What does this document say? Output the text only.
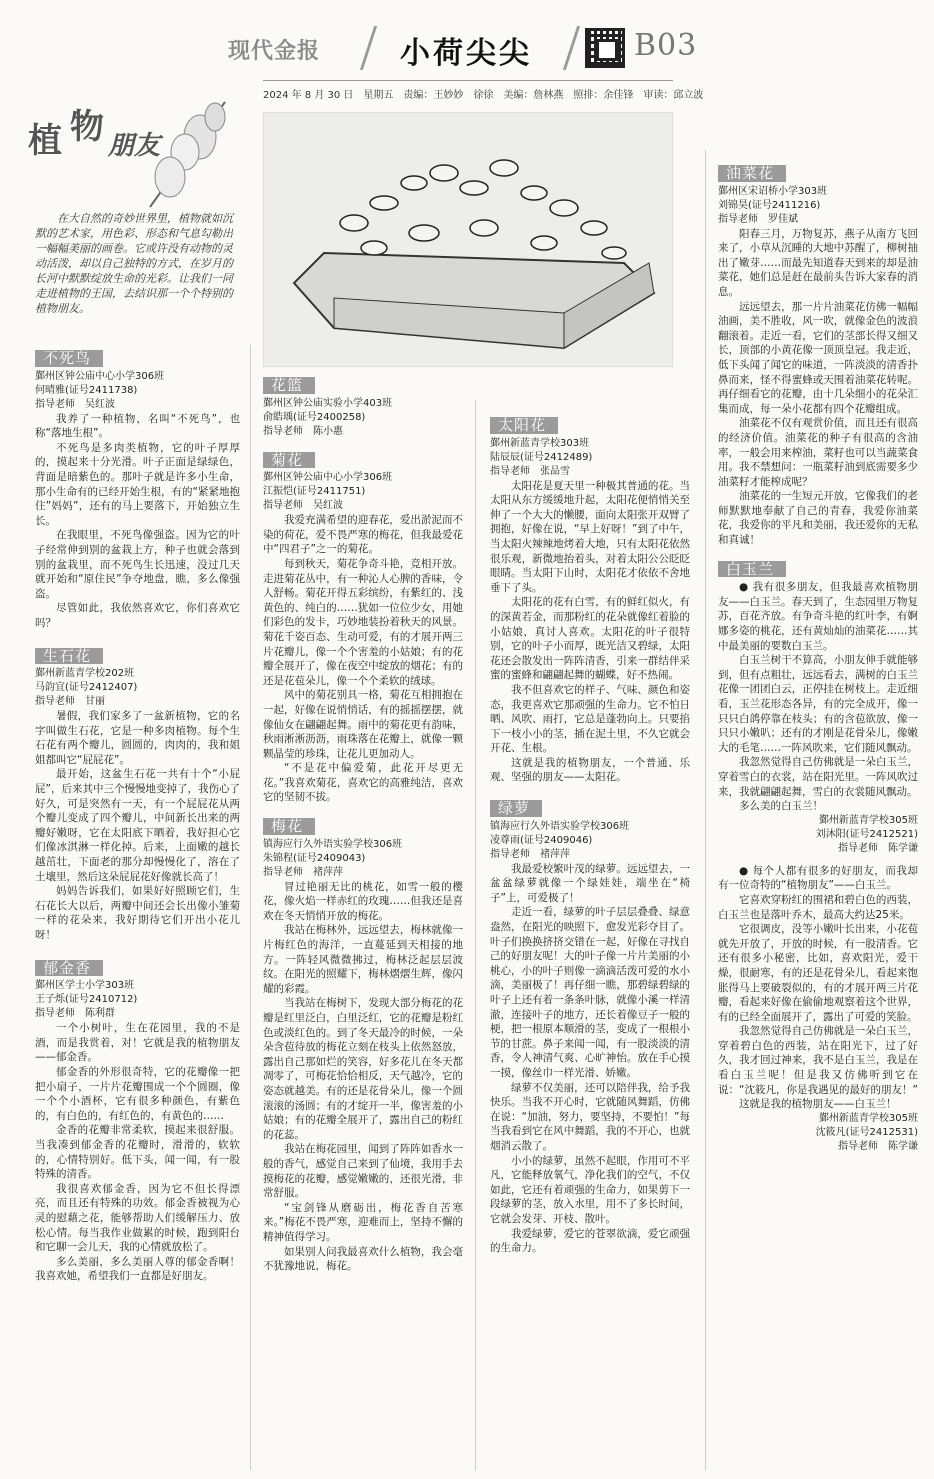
现代金报	小荷尖尖	B03
2024 年 8 月 30 日　星期五　责编：王妙妙　徐徐　美编：詹林燕　照排：余佳锋　审读：邱立波
植 物 朋友
在大自然的奇妙世界里，植物就如沉默的艺术家，用色彩、形态和气息勾勒出一幅幅美丽的画卷。它或许没有动物的灵动活泼，却以自己独特的方式，在岁月的长河中默默绽放生命的光彩。让我们一同走进植物的王国，去结识那一个个特别的植物朋友。
不死鸟
鄞州区钟公庙中心小学306班
何晴雅(证号2411738)
指导老师　吴红波
我养了一种植物，名叫“不死鸟”，也称“落地生根”。
不死鸟是多肉类植物，它的叶子厚厚的，摸起来十分光滑。叶子正面是绿绿色，背面是暗紫色的。那叶子就是许多小生命，那小生命有的已经开始生根，有的“紧紧地抱住”妈妈”，还有的马上要落下，开始独立生长。
在我眼里，不死鸟像强盗。因为它的叶子经常伸到别的盆栽上方，种子也就会落到别的盆栽里，而不死鸟生长迅速，没过几天就开始和“原住民”争夺地盘，瞧，多么像强盗。
尽管如此，我依然喜欢它，你们喜欢它吗？
生石花
鄞州新蓝青学校202班
马韵宜(证号2412407)
指导老师　甘丽
暑假，我们家多了一盆新植物，它的名字叫做生石花，它是一种多肉植物。每个生石花有两个瓣儿，圆圆的，肉肉的，我和姐姐都叫它“屁屁花”。
最开始，这盆生石花一共有十个“小屁屁”，后来其中三个慢慢地变掉了，我伤心了好久，可是突然有一天，有一个屁屁花从两个瓣儿变成了四个瓣儿，中间新长出来的两瓣好嫩呀，它在太阳底下晒着，我好担心它们像冰淇淋一样化掉。后来，上面嫩的越长越茁壮，下面老的那分却慢慢化了，溶在了土壤里，然后这朵屁屁花好像就长高了！
妈妈告诉我们，如果好好照顾它们，生石花长大以后，两瓣中间还会长出像小雏菊一样的花朵来，我好期待它们开出小花儿呀！
郁金香
鄞州区学士小学303班
王子烁(证号2410712)
指导老师　陈利群
一个小树叶，生在花园里，我的不是酒，而是我赏着，对！它就是我的植物朋友——郁金香。
郁金香的外形很奇特，它的花瓣像一把把小扇子，一片片花瓣围成一个个圆圈，像一个个小酒杯，它有很多种颜色，有紫色的，有白色的，有红色的，有黄色的……
金香的花瓣非常柔软，摸起来很舒服。当我凑到郁金香的花瓣时，滑滑的，软软的，心情特别好。低下头，闻一闻，有一股特殊的清香。
我很喜欢郁金香，因为它不但长得漂亮，而且还有特殊的功效。郁金香被视为心灵的慰藉之花，能够帮助人们缓解压力、放松心情。每当我作业做累的时候，跑到阳台和它聊一会儿天，我的心情就放松了。
多么美丽，多么美丽人尊的郁金香啊！我喜欢她，希望我们一直都是好朋友。
花篮
鄞州区钟公庙实验小学403班
俞皓瑀(证号2400258)
指导老师　陈小惠
菊花
鄞州区钟公庙中心小学306班
江振恺(证号2411751)
指导老师　吴红波
我爱充满希望的迎春花，爱出淤泥而不染的荷花，爱不畏严寒的梅花，但我最爱花中“四君子”之一的菊花。
每到秋天，菊花争奇斗艳，竞相开放。走进菊花丛中，有一种沁人心脾的香味，令人舒畅。菊花开得五彩缤纷，有紫红的、浅黄色的、纯白的……犹如一位位少女，用她们彩色的发卡，巧妙地装扮着秋天的风景。菊花千姿百态、生动可爱，有的才展开两三片花瓣儿，像一个个害羞的小姑娘；有的花瓣全展开了，像在夜空中绽放的烟花；有的还是花苞朵儿，像一个个柔软的绒球。
风中的菊花别具一格，菊花互相拥抱在一起，好像在说悄悄话，有的摇摇摆摆，就像仙女在翩翩起舞。雨中的菊花更有韵味，秋雨淅淅沥沥，雨珠落在花瓣上，就像一颗颗晶莹的珍珠，让花儿更加动人。
“不是花中偏爱菊，此花开尽更无花。”我喜欢菊花，喜欢它的高雅纯洁，喜欢它的坚韧不拔。
梅花
镇海应行久外语实验学校306班
朱锦程(证号2409043)
指导老师　褚萍萍
冒过艳丽无比的桃花，如雪一般的樱花，像火焰一样赤红的玫瑰……但我还是喜欢在冬天悄悄开放的梅花。
我站在梅林外，远远望去，梅林就像一片梅红色的海洋，一直蔓延到天相接的地方。一阵轻风微微拂过，梅林泛起层层波纹。在阳光的照耀下，梅林熠熠生辉，像闪耀的彩霞。
当我站在梅树下，发现大部分梅花的花瓣是红里泛白，白里泛红，它的花瓣是粉红色或淡红色的。到了冬天最冷的时候，一朵朵含苞待放的梅花立刻在枝头上依然怒放，露出自己那如烂的笑容，好多花儿在冬天都凋零了，可梅花恰恰相反，天气越冷，它的姿态就越美。有的还是花骨朵儿，像一个圆滚滚的汤圆；有的才绽开一半，像害羞的小姑娘；有的花瓣全展开了，露出自己的粉红的花蕊。
我站在梅花园里，闻到了阵阵如香水一般的香气，感觉自己来到了仙境，我用手去摸梅花的花瓣，感觉嫩嫩的，还很光滑，非常舒服。
“宝剑锋从磨砺出，梅花香自苦寒来。”梅花不畏严寒，迎难而上，坚持不懈的精神值得学习。
如果别人问我最喜欢什么植物，我会毫不犹豫地说，梅花。
太阳花
鄞州新蓝青学校303班
陆辰辰(证号2412489)
指导老师　张品雪
太阳花是夏天里一种极其普通的花。当太阳从东方缓缓地升起，太阳花便悄悄关至伸了一个大大的懒腰，面向太阳张开双臂了拥抱，好像在说，“早上好呀！”到了中午，当太阳火辣辣地烤着大地，只有太阳花依然很乐观，新微地抬着头，对着太阳公公眨眨眼睛。当太阳下山时，太阳花才依依不舍地垂下了头。
太阳花的花有白雪，有的鲜红似火，有的深黄若金，而那粉红的花朵就像红着脸的小姑娘，真讨人喜欢。太阳花的叶子很特别，它的叶子小而厚，既光洁又碧绿，太阳花还会散发出一阵阵清香，引来一群结伴采蜜的蜜蜂和翩翩起舞的蝴蝶，好不热闹。
我不但喜欢它的样子、气味、颜色和姿态，我更喜欢它那顽强的生命力。它不怕日晒、风吹、雨打，它总是蓬勃向上。只要掐下一枝小小的茎，插在泥土里，不久它就会开花、生根。
这就是我的植物朋友，一个普通、乐观、坚强的朋友——太阳花。
绿萝
镇海应行久外语实验学校306班
凌尊雨(证号2409046)
指导老师　褚萍萍
我最爱校繁叶茂的绿萝。远远望去，一盆盆绿萝就像一个绿娃娃，端坐在“椅子”上，可爱极了！
走近一看，绿萝的叶子层层叠叠、绿意盎然，在阳光的映照下，愈发光彩夺目了。叶子们换换挤挤交错在一起，好像在寻找自己的好朋友呢！大的叶子像一片片美丽的小桃心，小的叶子则像一滴滴活泼可爱的水小滴，美丽极了！再仔细一瞧，那碧绿碧绿的叶子上还有着一条条叶脉，就像小溪一样清澈，连接叶子的地方，还长着像豆子一般的梗，把一根原本顺滑的茎，变成了一根根小节的甘蔗。鼻子来闻一闻，有一股淡淡的清香，令人神清气爽、心旷神怡。放在手心摸一摸，像丝巾一样光滑、娇嫩。
绿萝不仅美丽，还可以陪伴我，给予我快乐。当我不开心时，它就随风舞蹈，仿佛在说：“加油，努力，要坚持，不要怕！”每当我看到它在风中舞蹈，我的不开心，也就烟消云散了。
小小的绿萝，虽然不起眼，作用可不平凡，它能释放氧气，净化我们的空气，不仅如此，它还有着顽强的生命力，如果剪下一段绿萝的茎，放入水里，用不了多长时间，它就会发芽、开枝、散叶。
我爱绿萝，爱它的苍翠欲滴，爱它顽强的生命力。
油菜花
鄞州区宋诏桥小学303班
刘锦昊(证号2411216)
指导老师　罗佳斌
阳春三月，万物复苏，燕子从南方飞回来了，小草从沉睡的大地中苏醒了，柳树抽出了嫩芽……而最先知道春天到来的却是油菜花，她们总是赶在最前头告诉大家春的消息。
远远望去，那一片片油菜花仿佛一幅幅油画，美不胜收，风一吹，就像金色的波浪翻滚着。走近一看，它们的茎部长得又细又长，顶部的小黄花像一顶顶皇冠。我走近，低下头闻了闻它的味道，一阵淡淡的清香扑鼻而来，怪不得蜜蜂或天围着油菜花转呢。再仔细看它的花瓣，由十几朵细小的花朵汇集而成，每一朵小花都有四个花瓣组成。
油菜花不仅有观赏价值，而且还有很高的经济价值。油菜花的种子有很高的含油率，一般会用来榨油，菜籽也可以当蔬菜食用。我不禁想问：一瓶菜籽油到底需要多少油菜籽才能榨成呢？
油菜花的一生短元开放，它像我们的老师默默地奉献了自己的青春，我爱你油菜花，我爱你的平凡和美丽，我还爱你的无私和真诚！
白玉兰
● 我有很多朋友，但我最喜欢植物朋友——白玉兰。春天到了，生态园里万物复苏，百花齐放。有争奇斗艳的红叶李，有婀娜多姿的桃花，还有黄灿灿的油菜花……其中最美丽的要数白玉兰。
白玉兰树干不算高，小朋友伸手就能够到，但有点粗壮，远远看去，满树的白玉兰花像一团团白云，正停挂在树枝上。走近细看，玉兰花形态各异，有的完全成开，像一只只白鸽停靠在枝头；有的含苞欲放，像一只只小嫩叭；还有的才刚是花骨朵儿，像嫩大的毛笔……一阵风吹来，它们随风飘动。
我忽然觉得自己仿佛就是一朵白玉兰，穿着雪白的衣裳，站在阳光里。一阵风吹过来，我就翩翩起舞，雪白的衣裳随风飘动。
多么美的白玉兰！
鄞州新蓝青学校305班
刘沐阳(证号2412521)
指导老师　陈学谦
● 每个人都有很多的好朋友，而我却有一位奇特的“植物朋友”——白玉兰。
它喜欢穿粉红的围裙和碧白色的西装，白玉兰也是落叶乔木，最高大约达25米。
它很调皮，没等小嫩叶长出来，小花苞就先开放了，开放的时候，有一股清香。它还有很多小秘密，比如，喜欢阳光，爱干燥，很耐寒，有的还是花骨朵儿，看起来饱胀得马上要破裂似的，有的才展开两三片花瓣，看起来好像在偷偷地观察着这个世界，有的已经全面展开了，露出了可爱的笑脸。
我忽然觉得自己仿佛就是一朵白玉兰，穿着碧白色的西装，站在阳光下，过了好久，我才回过神来，我不是白玉兰，我是在看白玉兰呢！但是我又仿佛听到它在说：“沈筱凡，你是我遇见的最好的朋友！”
这就是我的植物朋友——白玉兰！
鄞州新蓝青学校305班
沈筱凡(证号2412531)
指导老师　陈学谦
